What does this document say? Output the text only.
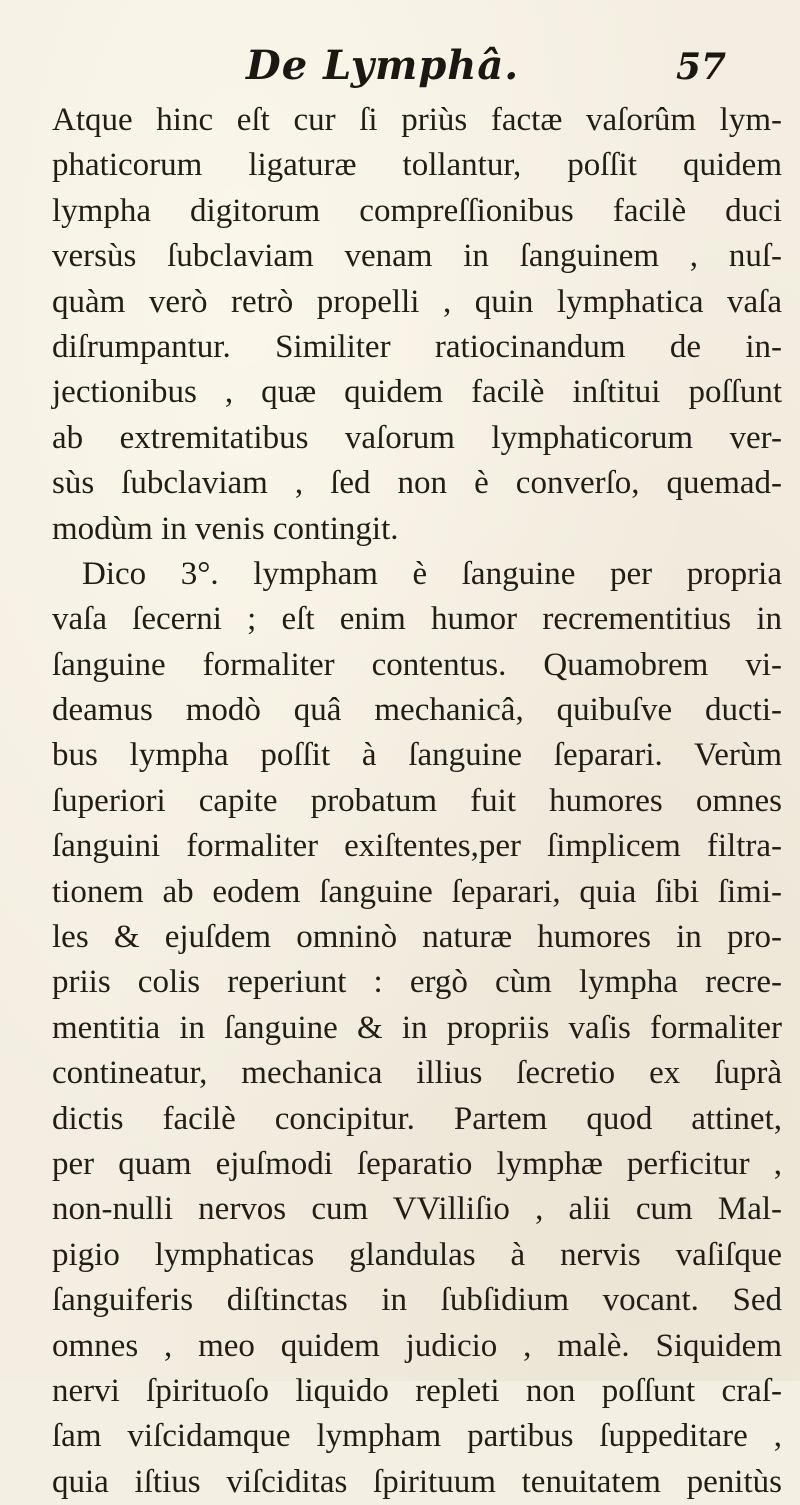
De Lymphâ.	57
Atque hinc eſt cur ſi priùs factæ vaſorûm lym-
phaticorum ligaturæ tollantur, poſſit quidem
lympha digitorum compreſſionibus facilè duci
versùs ſubclaviam venam in ſanguinem , nuſ-
quàm verò retrò propelli , quin lymphatica vaſa
diſrumpantur. Similiter ratiocinandum de in-
jectionibus , quæ quidem facilè inſtitui poſſunt
ab extremitatibus vaſorum lymphaticorum ver-
sùs ſubclaviam , ſed non è converſo, quemad-
modùm in venis contingit.
Dico 3°. lympham è ſanguine per propria
vaſa ſecerni ; eſt enim humor recrementitius in
ſanguine formaliter contentus. Quamobrem vi-
deamus modò quâ mechanicâ, quibuſve ducti-
bus lympha poſſit à ſanguine ſeparari. Verùm
ſuperiori capite probatum fuit humores omnes
ſanguini formaliter exiſtentes,per ſimplicem filtra-
tionem ab eodem ſanguine ſeparari, quia ſibi ſimi-
les & ejuſdem omninò naturæ humores in pro-
priis colis reperiunt : ergò cùm lympha recre-
mentitia in ſanguine & in propriis vaſis formaliter
contineatur, mechanica illius ſecretio ex ſuprà
dictis facilè concipitur. Partem quod attinet,
per quam ejuſmodi ſeparatio lymphæ perficitur ,
non-nulli nervos cum VVilliſio , alii cum Mal-
pigio lymphaticas glandulas à nervis vaſiſque
ſanguiferis diſtinctas in ſubſidium vocant. Sed
omnes , meo quidem judicio , malè. Siquidem
nervi ſpirituoſo liquido repleti non poſſunt craſ-
ſam viſcidamque lympham partibus ſuppeditare ,
quia iſtius viſciditas ſpirituum tenuitatem penitùs
